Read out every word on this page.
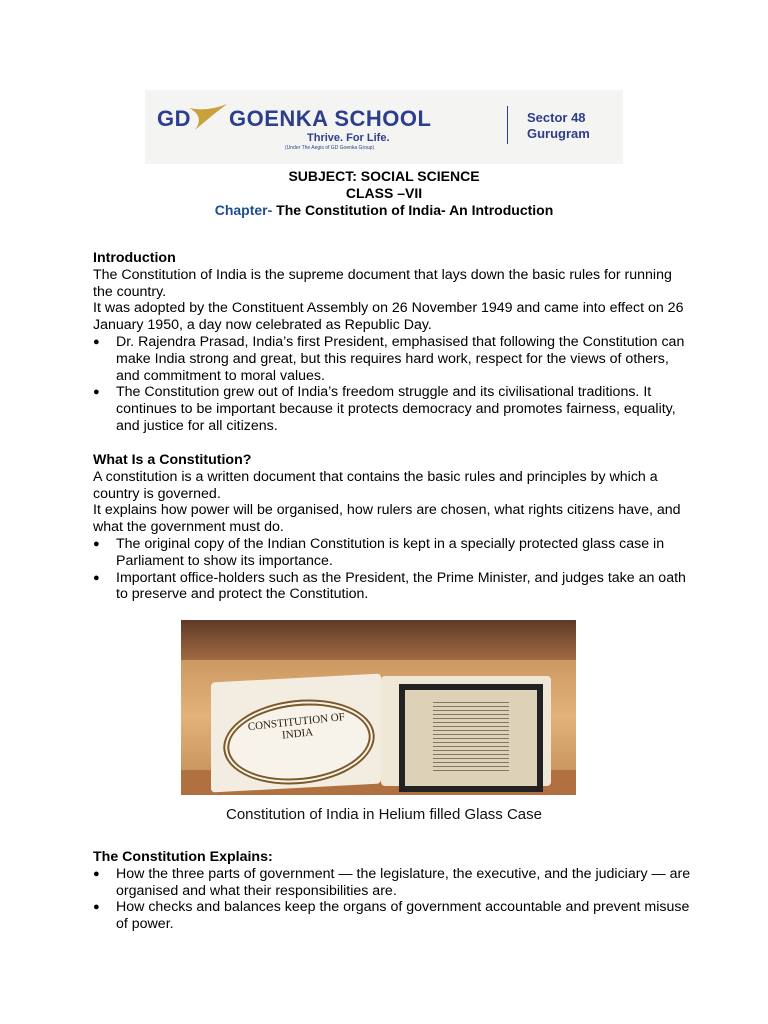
GD GOENKA SCHOOL
Thrive. For Life.
(Under The Aegis of GD Goenka Group)
Sector 48
Gurugram
SUBJECT: SOCIAL SCIENCE
CLASS –VII
Chapter- The Constitution of India- An Introduction
Introduction

The Constitution of India is the supreme document that lays down the basic rules for running the country.

It was adopted by the Constituent Assembly on 26 November 1949 and came into effect on 26 January 1950, a day now celebrated as Republic Day.

● Dr. Rajendra Prasad, India’s first President, emphasised that following the Constitution can make India strong and great, but this requires hard work, respect for the views of others, and commitment to moral values.
● The Constitution grew out of India’s freedom struggle and its civilisational traditions. It continues to be important because it protects democracy and promotes fairness, equality, and justice for all citizens.
What Is a Constitution?

A constitution is a written document that contains the basic rules and principles by which a country is governed.

It explains how power will be organised, how rulers are chosen, what rights citizens have, and what the government must do.

● The original copy of the Indian Constitution is kept in a specially protected glass case in Parliament to show its importance.
● Important office-holders such as the President, the Prime Minister, and judges take an oath to preserve and protect the Constitution.
CONSTITUTION OF INDIA
Constitution of India in Helium filled Glass Case
The Constitution Explains:
● How the three parts of government — the legislature, the executive, and the judiciary — are organised and what their responsibilities are.
● How checks and balances keep the organs of government accountable and prevent misuse of power.
